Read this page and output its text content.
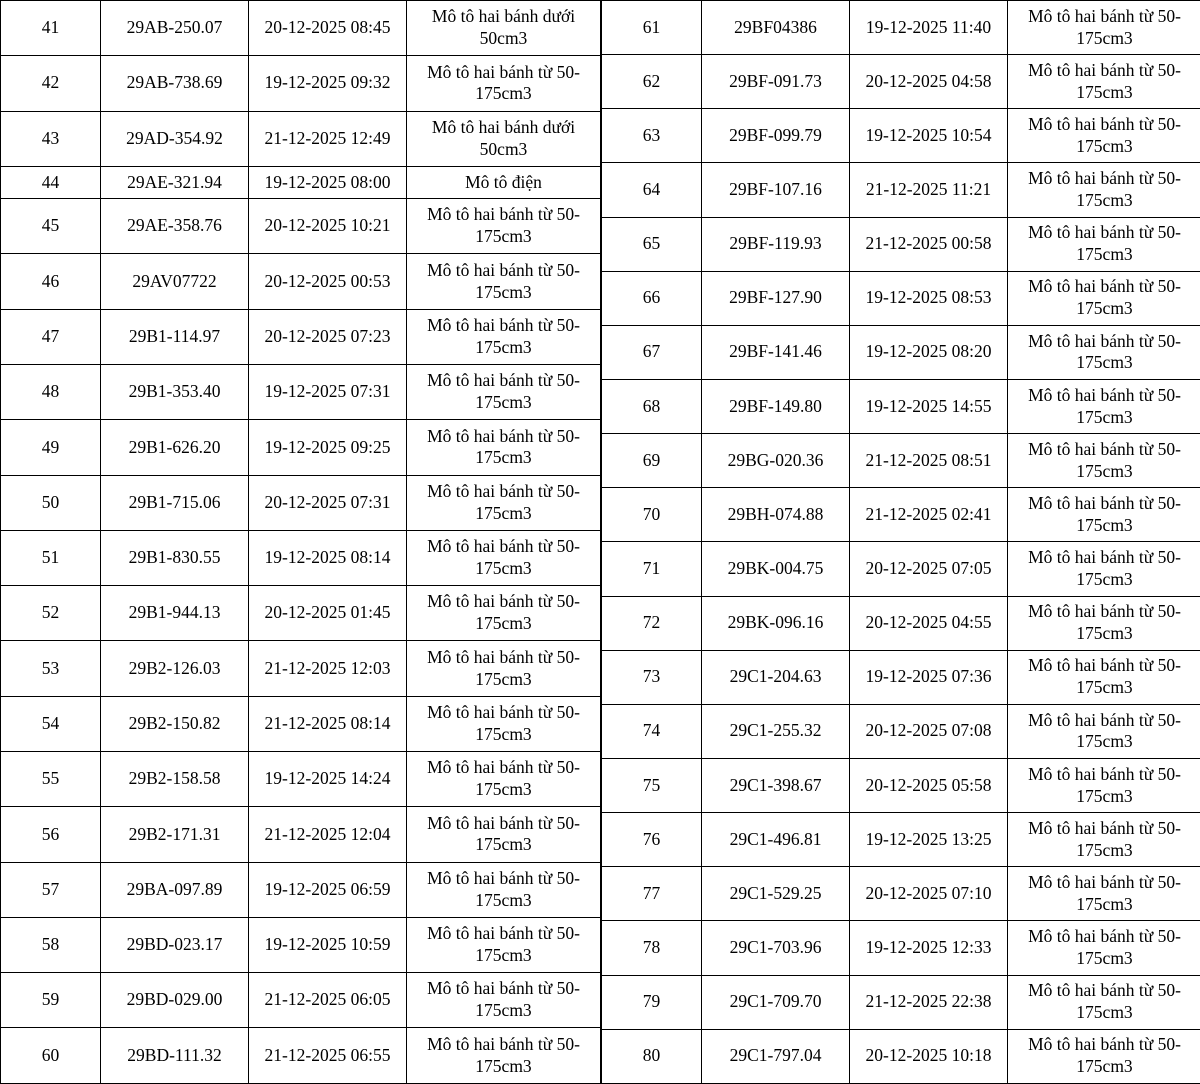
41	29AB-250.07	20-12-2025 08:45	Mô tô hai bánh dưới 50cm3
42	29AB-738.69	19-12-2025 09:32	Mô tô hai bánh từ 50-175cm3
43	29AD-354.92	21-12-2025 12:49	Mô tô hai bánh dưới 50cm3
44	29AE-321.94	19-12-2025 08:00	Mô tô điện
45	29AE-358.76	20-12-2025 10:21	Mô tô hai bánh từ 50-175cm3
46	29AV07722	20-12-2025 00:53	Mô tô hai bánh từ 50-175cm3
47	29B1-114.97	20-12-2025 07:23	Mô tô hai bánh từ 50-175cm3
48	29B1-353.40	19-12-2025 07:31	Mô tô hai bánh từ 50-175cm3
49	29B1-626.20	19-12-2025 09:25	Mô tô hai bánh từ 50-175cm3
50	29B1-715.06	20-12-2025 07:31	Mô tô hai bánh từ 50-175cm3
51	29B1-830.55	19-12-2025 08:14	Mô tô hai bánh từ 50-175cm3
52	29B1-944.13	20-12-2025 01:45	Mô tô hai bánh từ 50-175cm3
53	29B2-126.03	21-12-2025 12:03	Mô tô hai bánh từ 50-175cm3
54	29B2-150.82	21-12-2025 08:14	Mô tô hai bánh từ 50-175cm3
55	29B2-158.58	19-12-2025 14:24	Mô tô hai bánh từ 50-175cm3
56	29B2-171.31	21-12-2025 12:04	Mô tô hai bánh từ 50-175cm3
57	29BA-097.89	19-12-2025 06:59	Mô tô hai bánh từ 50-175cm3
58	29BD-023.17	19-12-2025 10:59	Mô tô hai bánh từ 50-175cm3
59	29BD-029.00	21-12-2025 06:05	Mô tô hai bánh từ 50-175cm3
60	29BD-111.32	21-12-2025 06:55	Mô tô hai bánh từ 50-175cm3
61	29BF04386	19-12-2025 11:40	Mô tô hai bánh từ 50-175cm3
62	29BF-091.73	20-12-2025 04:58	Mô tô hai bánh từ 50-175cm3
63	29BF-099.79	19-12-2025 10:54	Mô tô hai bánh từ 50-175cm3
64	29BF-107.16	21-12-2025 11:21	Mô tô hai bánh từ 50-175cm3
65	29BF-119.93	21-12-2025 00:58	Mô tô hai bánh từ 50-175cm3
66	29BF-127.90	19-12-2025 08:53	Mô tô hai bánh từ 50-175cm3
67	29BF-141.46	19-12-2025 08:20	Mô tô hai bánh từ 50-175cm3
68	29BF-149.80	19-12-2025 14:55	Mô tô hai bánh từ 50-175cm3
69	29BG-020.36	21-12-2025 08:51	Mô tô hai bánh từ 50-175cm3
70	29BH-074.88	21-12-2025 02:41	Mô tô hai bánh từ 50-175cm3
71	29BK-004.75	20-12-2025 07:05	Mô tô hai bánh từ 50-175cm3
72	29BK-096.16	20-12-2025 04:55	Mô tô hai bánh từ 50-175cm3
73	29C1-204.63	19-12-2025 07:36	Mô tô hai bánh từ 50-175cm3
74	29C1-255.32	20-12-2025 07:08	Mô tô hai bánh từ 50-175cm3
75	29C1-398.67	20-12-2025 05:58	Mô tô hai bánh từ 50-175cm3
76	29C1-496.81	19-12-2025 13:25	Mô tô hai bánh từ 50-175cm3
77	29C1-529.25	20-12-2025 07:10	Mô tô hai bánh từ 50-175cm3
78	29C1-703.96	19-12-2025 12:33	Mô tô hai bánh từ 50-175cm3
79	29C1-709.70	21-12-2025 22:38	Mô tô hai bánh từ 50-175cm3
80	29C1-797.04	20-12-2025 10:18	Mô tô hai bánh từ 50-175cm3
